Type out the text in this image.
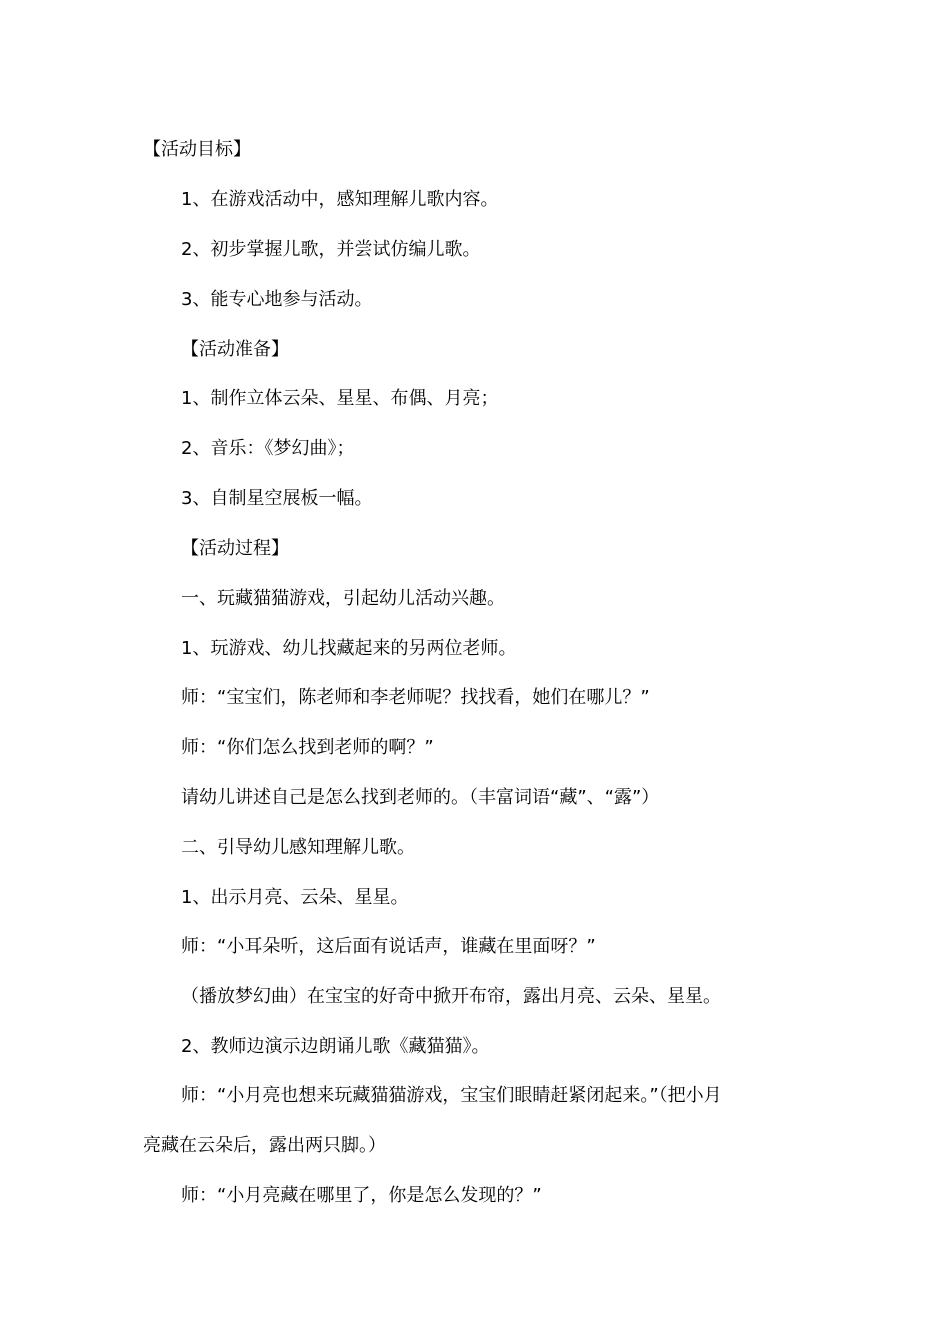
【活动目标】
1、在游戏活动中，感知理解儿歌内容。
2、初步掌握儿歌，并尝试仿编儿歌。
3、能专心地参与活动。
【活动准备】
1、制作立体云朵、星星、布偶、月亮；
2、音乐：《梦幻曲》；
3、自制星空展板一幅。
【活动过程】
一、玩藏猫猫游戏，引起幼儿活动兴趣。
1、玩游戏、幼儿找藏起来的另两位老师。
师：“宝宝们，陈老师和李老师呢？找找看，她们在哪儿？”
师：“你们怎么找到老师的啊？”
请幼儿讲述自己是怎么找到老师的。（丰富词语“藏”、“露”）
二、引导幼儿感知理解儿歌。
1、出示月亮、云朵、星星。
师：“小耳朵听，这后面有说话声，谁藏在里面呀？”
（播放梦幻曲）在宝宝的好奇中掀开布帘，露出月亮、云朵、星星。
2、教师边演示边朗诵儿歌《藏猫猫》。
师：“小月亮也想来玩藏猫猫游戏，宝宝们眼睛赶紧闭起来。”（把小月
亮藏在云朵后，露出两只脚。）
师：“小月亮藏在哪里了，你是怎么发现的？”
